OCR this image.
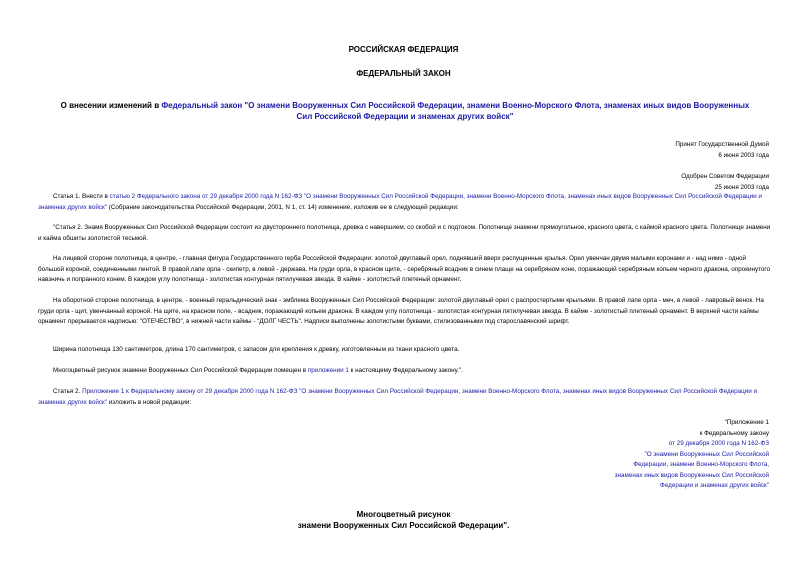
РОССИЙСКАЯ ФЕДЕРАЦИЯ
ФЕДЕРАЛЬНЫЙ ЗАКОН
О внесении изменений в Федеральный закон "О знамени Вооруженных Сил Российской Федерации, знамени Военно-Морского Флота, знаменах иных видов Вооруженных Сил Российской Федерации и знаменах других войск"

Принят Государственной Думой

6 июня 2003 года

Одобрен Советом Федерации

25 июня 2003 года

Статья 1. Внести в статью 2 Федерального закона от 29 декабря 2000 года N 162-ФЗ "О знамени Вооруженных Сил Российской Федерации, знамени Военно-Морского Флота, знаменах иных видов Вооруженных Сил Российской Федерации и знаменах других войск" (Собрание законодательства Российской Федерации, 2001, N 1, ст. 14) изменение, изложив ее в следующей редакции:
"Статья 2. Знамя Вооруженных Сил Российской Федерации состоит из двустороннего полотнища, древка с навершием, со скобой и с подтоком. Полотнище знамени прямоугольное, красного цвета, с каймой красного цвета. Полотнище знамени и кайма обшиты золотистой тесьмой.
На лицевой стороне полотнища, в центре, - главная фигура Государственного герба Российской Федерации: золотой двуглавый орел, поднявший вверх распущенные крылья. Орел увенчан двумя малыми коронами и - над ними - одной большой короной, соединенными лентой. В правой лапе орла - скипетр, в левой - держава. На груди орла, в красном щите, - серебряный всадник в синем плаще на серебряном коне, поражающий серебряным копьем черного дракона, опрокинутого навзничь и попранного конем. В каждом углу полотнища - золотистая контурная пятилучевая звезда. В кайме - золотистый плетеный орнамент.
На оборотной стороне полотнища, в центре, - военный геральдический знак - эмблема Вооруженных Сил Российской Федерации: золотой двуглавый орел с распростертыми крыльями. В правой лапе орла - меч, в левой - лавровый венок. На груди орла - щит, увенчанный короной. На щите, на красном поле, - всадник, поражающий копьем дракона. В каждом углу полотнища - золотистая контурная пятилучевая звезда. В кайме - золотистый плетеный орнамент. В верхней части каймы орнамент прерывается надписью: "ОТЕЧЕСТВО", в нижней части каймы - "ДОЛГ ЧЕСТЬ". Надписи выполнены золотистыми буквами, стилизованными под старославянский шрифт.
Ширина полотнища 130 сантиметров, длина 170 сантиметров, с запасом для крепления к древку, изготовленным из ткани красного цвета.
Многоцветный рисунок знамени Вооруженных Сил Российской Федерации помещен в приложении 1 к настоящему Федеральному закону.".
Статья 2. Приложение 1 к Федеральному закону от 29 декабря 2000 года N 162-ФЗ "О знамени Вооруженных Сил Российской Федерации, знамени Военно-Морского Флота, знаменах иных видов Вооруженных Сил Российской Федерации и знаменах других войск" изложить в новой редакции:

"Приложение 1

к Федеральному закону

от 29 декабря 2000 года N 162-ФЗ

"О знамени Вооруженных Сил Российской

Федерации, знамени Военно-Морского Флота,

знаменах иных видов Вооруженных Сил Российской

Федерации и знаменах других войск"

Многоцветный рисунок

знамени Вооруженных Сил Российской Федерации".
